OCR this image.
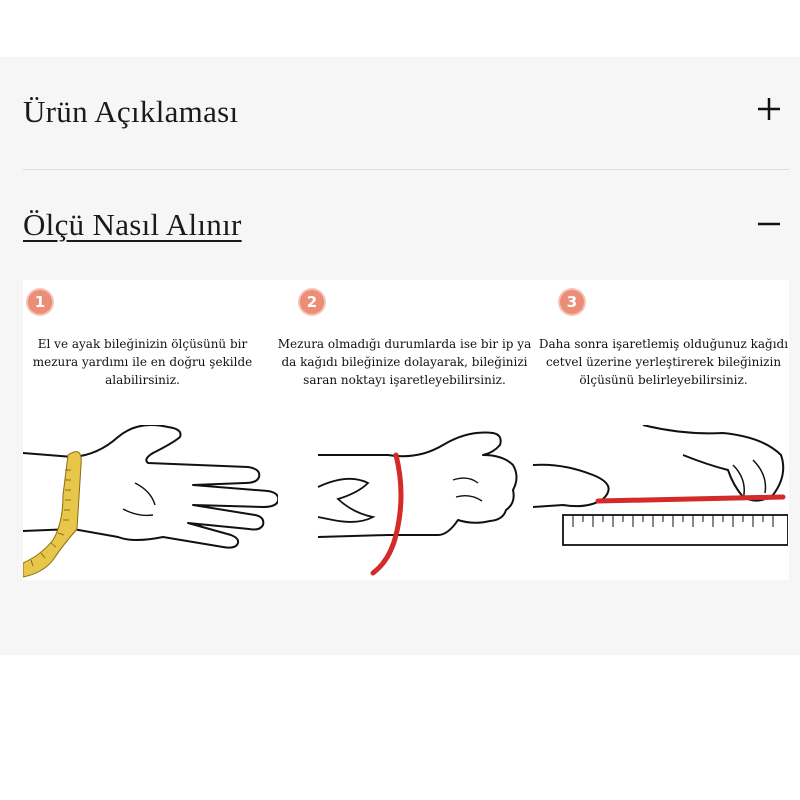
Ürün Açıklaması
Ölçü Nasıl Alınır
1
El ve ayak bileğinizin ölçüsünü bir mezura yardımı ile en doğru şekilde alabilirsiniz.
2
Mezura olmadığı durumlarda ise bir ip ya da kağıdı bileğinize dolayarak, bileğinizi saran noktayı işaretleyebilirsiniz.
3
Daha sonra işaretlemiş olduğunuz kağıdı cetvel üzerine yerleştirerek bileğinizin ölçüsünü belirleyebilirsiniz.
